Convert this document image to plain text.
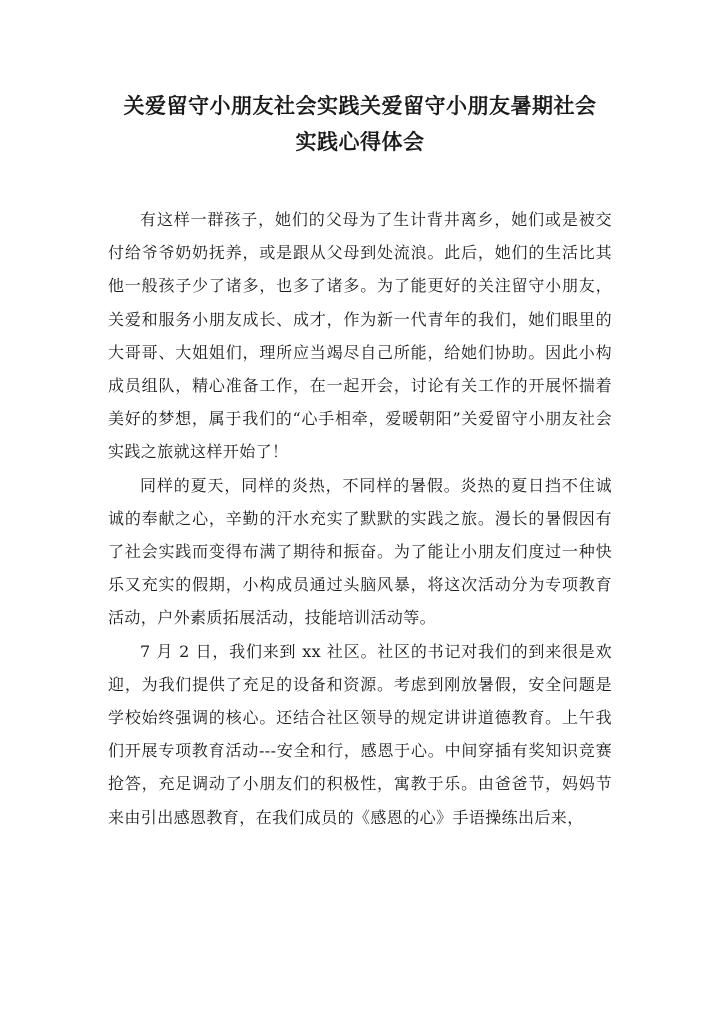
关爱留守小朋友社会实践关爱留守小朋友暑期社会
实践心得体会

有这样一群孩子，她们的父母为了生计背井离乡，她们或是被交付给爷爷奶奶抚养，或是跟从父母到处流浪。此后，她们的生活比其他一般孩子少了诸多，也多了诸多。为了能更好的关注留守小朋友，关爱和服务小朋友成长、成才，作为新一代青年的我们，她们眼里的大哥哥、大姐姐们，理所应当竭尽自己所能，给她们协助。因此小构成员组队，精心准备工作，在一起开会，讨论有关工作的开展怀揣着美好的梦想，属于我们的“心手相牵，爱暖朝阳”关爱留守小朋友社会实践之旅就这样开始了！

同样的夏天，同样的炎热，不同样的暑假。炎热的夏日挡不住诚诚的奉献之心，辛勤的汗水充实了默默的实践之旅。漫长的暑假因有了社会实践而变得布满了期待和振奋。为了能让小朋友们度过一种快乐又充实的假期，小构成员通过头脑风暴，将这次活动分为专项教育活动，户外素质拓展活动，技能培训活动等。

7 月 2 日，我们来到 xx 社区。社区的书记对我们的到来很是欢迎，为我们提供了充足的设备和资源。考虑到刚放暑假，安全问题是学校始终强调的核心。还结合社区领导的规定讲讲道德教育。上午我们开展专项教育活动---安全和行，感恩于心。中间穿插有奖知识竞赛抢答，充足调动了小朋友们的积极性，寓教于乐。由爸爸节，妈妈节来由引出感恩教育，在我们成员的《感恩的心》手语操练出后来，
